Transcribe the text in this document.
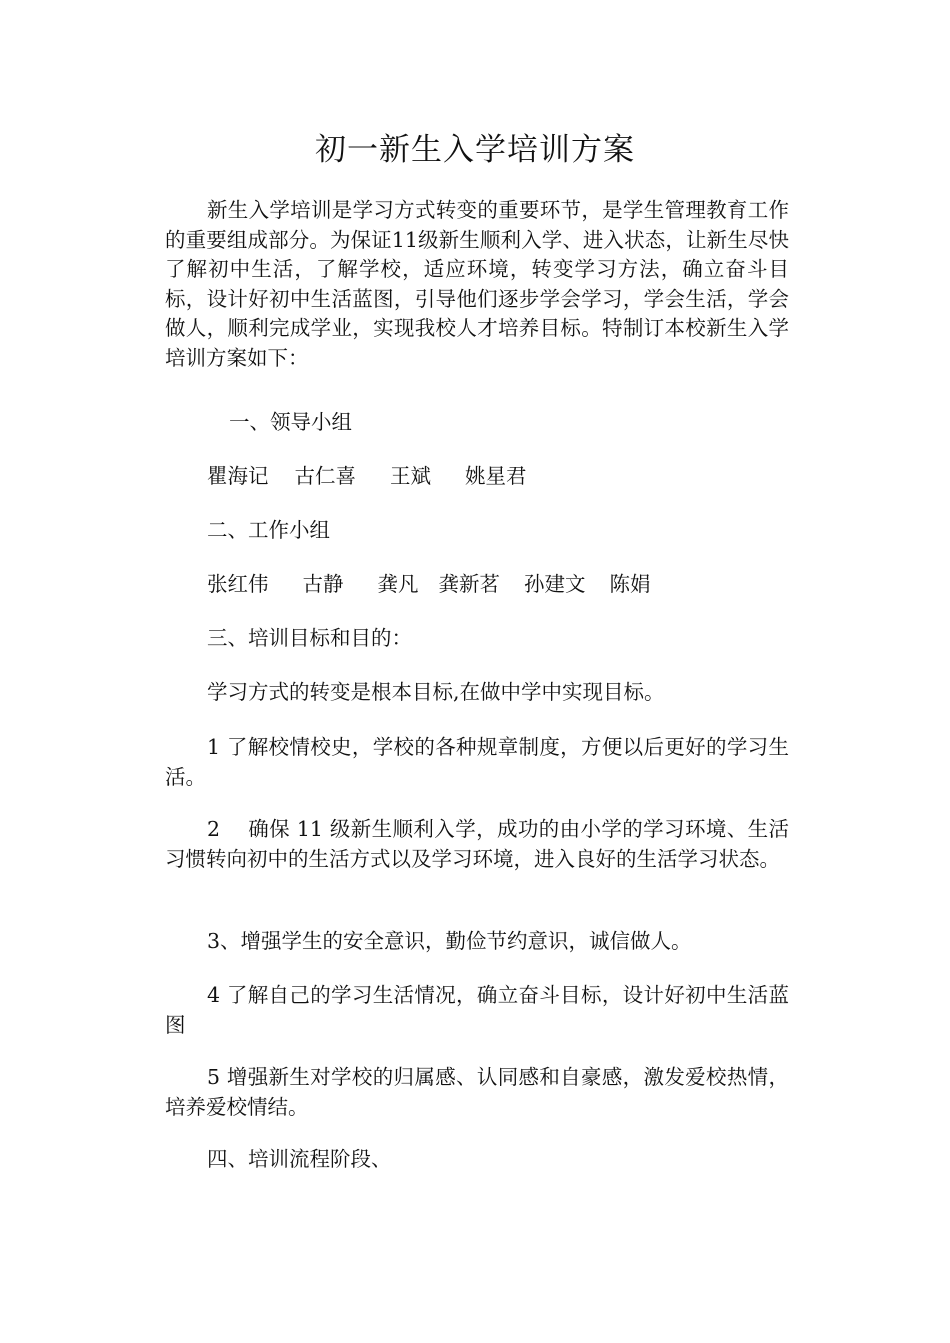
初一新生入学培训方案

新生入学培训是学习方式转变的重要环节，是学生管理教育工作的重要组成部分。为保证11级新生顺利入学、进入状态，让新生尽快了解初中生活，了解学校，适应环境，转变学习方法，确立奋斗目标，设计好初中生活蓝图，引导他们逐步学会学习，学会生活，学会做人，顺利完成学业，实现我校人才培养目标。特制订本校新生入学培训方案如下：

一、领导小组
瞿海记 古仁喜 王斌 姚星君
二、工作小组
张红伟 古静 龚凡 龚新茗 孙建文 陈娟
三、培训目标和目的：
学习方式的转变是根本目标,在做中学中实现目标。

1 了解校情校史，学校的各种规章制度，方便以后更好的学习生活。

2　 确保 11 级新生顺利入学，成功的由小学的学习环境、生活习惯转向初中的生活方式以及学习环境，进入良好的生活学习状态。

3、增强学生的安全意识，勤俭节约意识，诚信做人。

4 了解自己的学习生活情况，确立奋斗目标，设计好初中生活蓝图

5 增强新生对学校的归属感、认同感和自豪感，激发爱校热情，培养爱校情结。

四、培训流程阶段、
